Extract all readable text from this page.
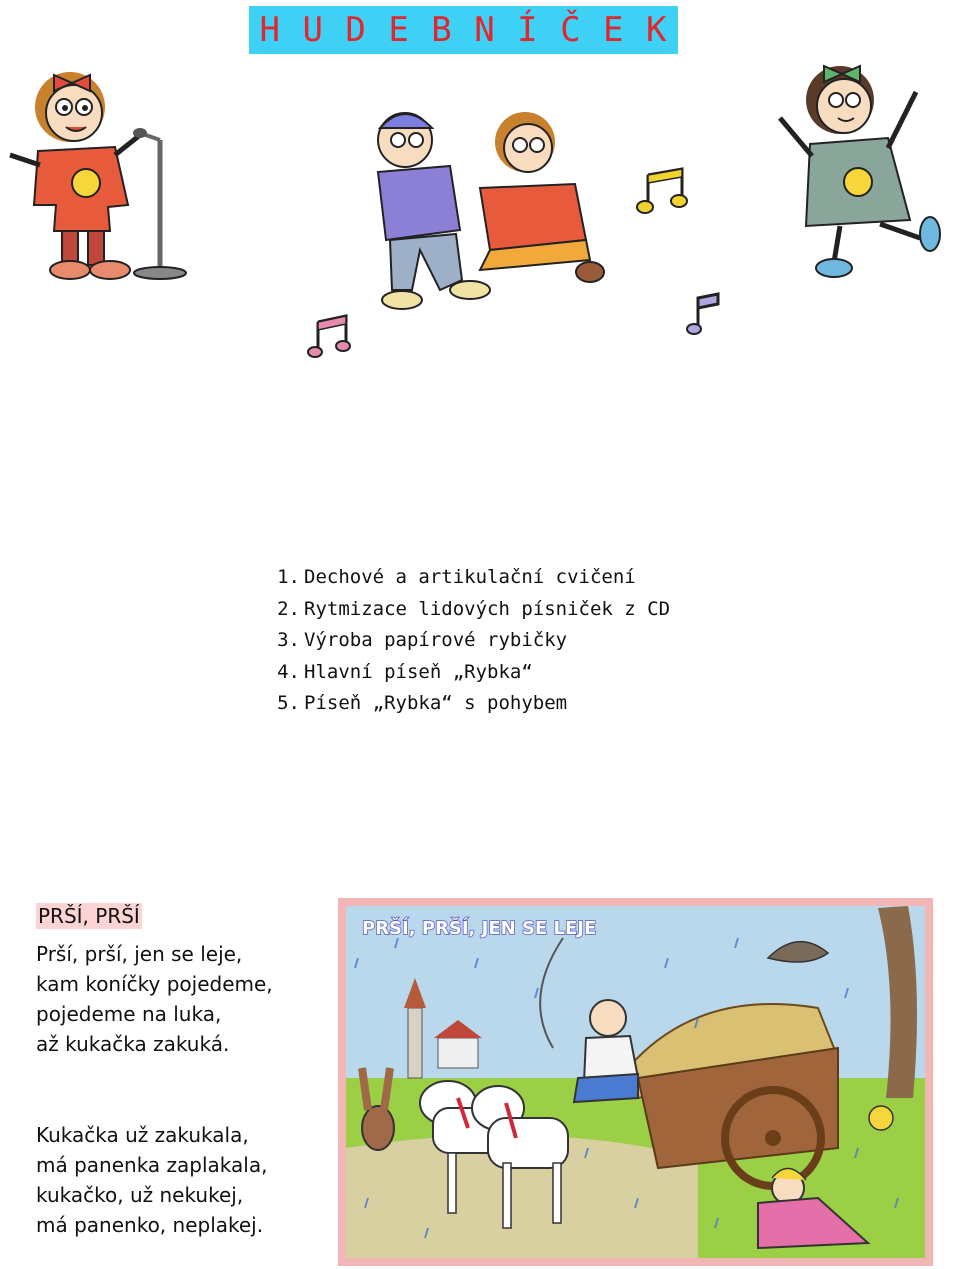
H U D E B N Í Č E K
1. Dechové a artikulační cvičení
2. Rytmizace lidových písniček z CD
3. Výroba papírové rybičky
4. Hlavní píseň „Rybka“
5. Píseň „Rybka“ s pohybem
PRŠÍ, PRŠÍ
Prší, prší, jen se leje,
kam koníčky pojedeme,
pojedeme na luka,
až kukačka zakuká.
Kukačka už zakukala,
má panenka zaplakala,
kukačko, už nekukej,
má panenko, neplakej.
PRŠÍ, PRŠÍ, JEN SE LEJE
